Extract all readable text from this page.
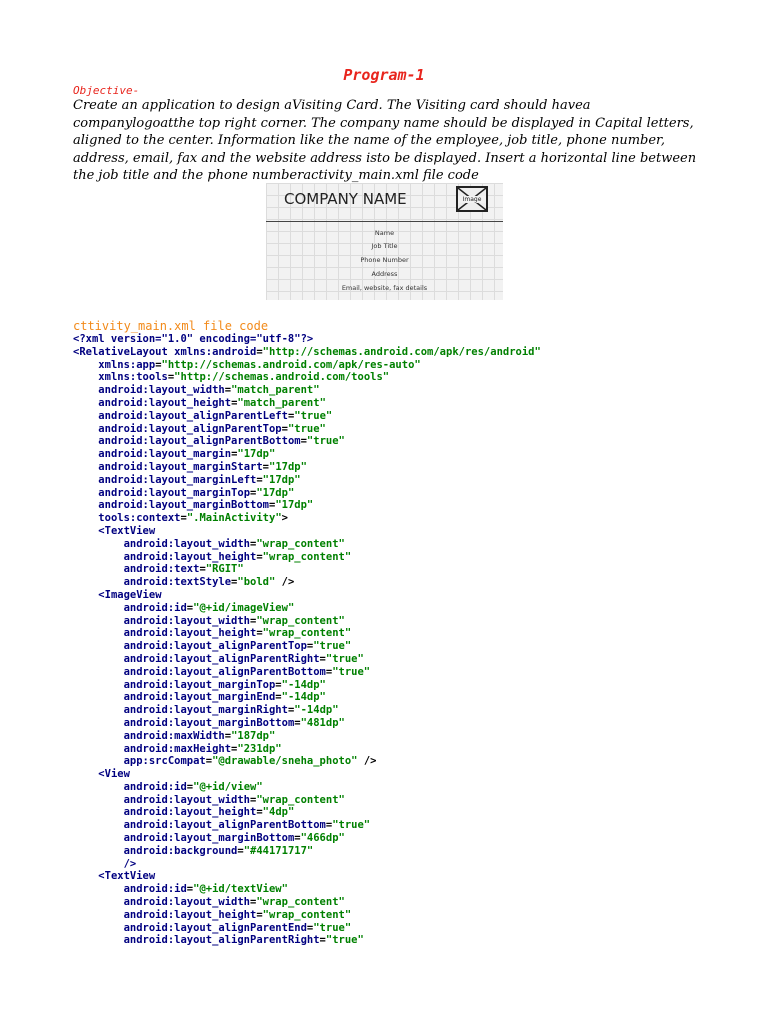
Program-1
Objective-
Create an application to design aVisiting Card. The Visiting card should havea companylogoatthe top right corner. The company name should be displayed in Capital letters, aligned to the center. Information like the name of the employee, job title, phone number, address, email, fax and the website address isto be displayed. Insert a horizontal line between the job title and the phone numberactivity_main.xml file code
COMPANY NAME	Image
Name
Job Title
Phone Number
Address
Email, website, fax details
cttivity_main.xml file code
<?xml version="1.0" encoding="utf-8"?>
<RelativeLayout xmlns:android="http://schemas.android.com/apk/res/android"
xmlns:app="http://schemas.android.com/apk/res-auto"
xmlns:tools="http://schemas.android.com/tools"
android:layout_width="match_parent"
android:layout_height="match_parent"
android:layout_alignParentLeft="true"
android:layout_alignParentTop="true"
android:layout_alignParentBottom="true"
android:layout_margin="17dp"
android:layout_marginStart="17dp"
android:layout_marginLeft="17dp"
android:layout_marginTop="17dp"
android:layout_marginBottom="17dp"
tools:context=".MainActivity">
<TextView
android:layout_width="wrap_content"
android:layout_height="wrap_content"
android:text="RGIT"
android:textStyle="bold" />
<ImageView
android:id="@+id/imageView"
android:layout_width="wrap_content"
android:layout_height="wrap_content"
android:layout_alignParentTop="true"
android:layout_alignParentRight="true"
android:layout_alignParentBottom="true"
android:layout_marginTop="-14dp"
android:layout_marginEnd="-14dp"
android:layout_marginRight="-14dp"
android:layout_marginBottom="481dp"
android:maxWidth="187dp"
android:maxHeight="231dp"
app:srcCompat="@drawable/sneha_photo" />
<View
android:id="@+id/view"
android:layout_width="wrap_content"
android:layout_height="4dp"
android:layout_alignParentBottom="true"
android:layout_marginBottom="466dp"
android:background="#44171717"
/>
<TextView
android:id="@+id/textView"
android:layout_width="wrap_content"
android:layout_height="wrap_content"
android:layout_alignParentEnd="true"
android:layout_alignParentRight="true"
